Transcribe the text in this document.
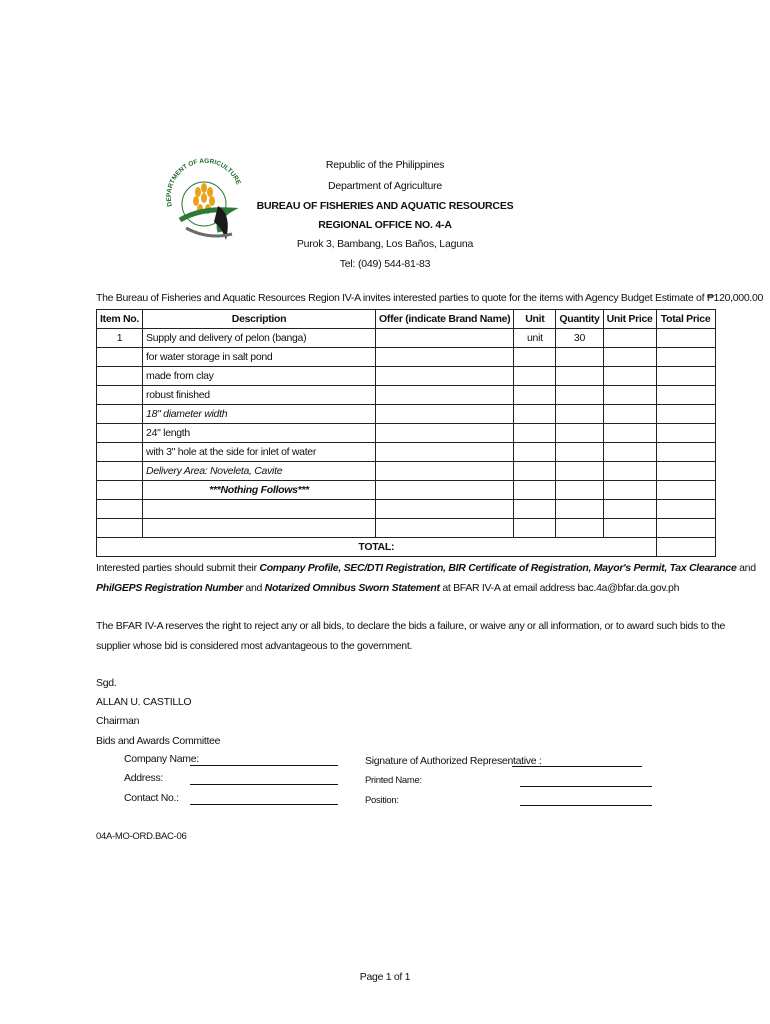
DEPARTMENT OF AGRICULTURE
Republic of the Philippines
Department of Agriculture
BUREAU OF FISHERIES AND AQUATIC RESOURCES
REGIONAL OFFICE NO. 4-A
Purok 3, Bambang, Los Baños, Laguna
Tel: (049) 544-81-83
The Bureau of Fisheries and Aquatic Resources Region IV-A invites interested parties to quote for the items with Agency Budget Estimate of ₱120,000.00
Item No.	Description	Offer (indicate Brand Name)	Unit	Quantity	Unit Price	Total Price
1	Supply and delivery of pelon (banga)		unit	30		
	for water storage in salt pond					
	made from clay					
	robust finished					
	18" diameter width					
	24" length					
	with 3" hole at the side for inlet of water					
	Delivery Area: Noveleta, Cavite					
	***Nothing Follows***					

TOTAL:						
Interested parties should submit their Company Profile, SEC/DTI Registration, BIR Certificate of Registration, Mayor's Permit, Tax Clearance and
PhilGEPS Registration Number and Notarized Omnibus Sworn Statement at BFAR IV-A at email address bac.4a@bfar.da.gov.ph
The BFAR IV-A reserves the right to reject any or all bids, to declare the bids a failure, or waive any or all information, or to award such bids to the
supplier whose bid is considered most advantageous to the government.
Sgd.
ALLAN U. CASTILLO
Chairman
Bids and Awards Committee
Company Name:
Address:
Contact No.:
Signature of Authorized Representative :
Printed Name:
Position:
04A-MO-ORD.BAC-06
Page 1 of 1
